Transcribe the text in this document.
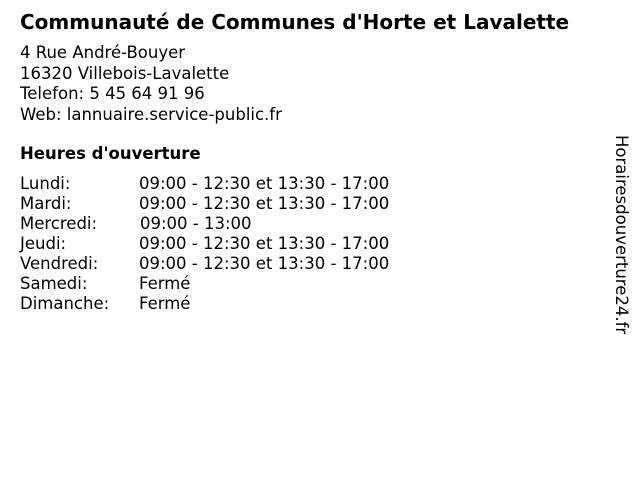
Communauté de Communes d'Horte et Lavalette
4 Rue André-Bouyer
16320 Villebois-Lavalette
Telefon: 5 45 64 91 96
Web: lannuaire.service-public.fr
Heures d'ouverture
Lundi:	09:00 - 12:30 et 13:30 - 17:00
Mardi:	09:00 - 12:30 et 13:30 - 17:00
Mercredi:	09:00 - 13:00
Jeudi:	09:00 - 12:30 et 13:30 - 17:00
Vendredi: 09:00 - 12:30 et 13:30 - 17:00
Samedi:	Fermé
Dimanche: Fermé	Horairesdouverture24.fr
